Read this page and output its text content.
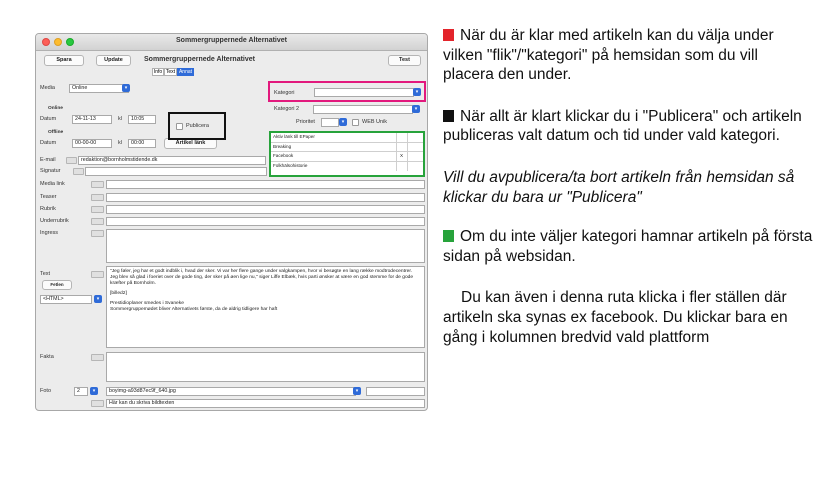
Sommergruppernede Alternativet
Spara	Update	Sommergruppernede Alternativet	Test
Info Text Annat
Media	Online	▾
Online
Datum	24-11-13	kl	10:05
Offline
Datum	00-00-00	kl	00:00	Artikel länk
Publicera
Kategori	▾
Kategori 2	▾
Prioritet	▾	WEB Unik
Aktiv länk till EPaper
Breaking
Facebook	X
Folkhälsohistorie
E-mail	redaktion@bornholmstidende.dk
Signatur
Media link
Teaser
Rubrik
Underrubrik
Ingress
Text
Fetlen
<HTML>	▾

"Jeg føler, jeg har et godt indblik i, hvad der sker. Vi var her flere gange under valgkampen, hvor vi besøgte en lang række modtrodecentrer. Jeg blev så glad i foeriet over de gode ting, der sker på øen lige nu," siger Liffe Elbæk, hvis parti ønsker at være en god stemme for de gode kræfter på Bornholm.

[billed2]

Prestidioplaner smedes i Svaneke

Sommergruppemødet bliver Alternativets første, da de aldrig tidligere har haft

Fakta
Foto	2	▾	boyimg-a93d87ec9f_640.jpg	▾
Här kan du skriva bildtexten
När du är klar med artikeln kan du välja under vilken "flik"/"kategori" på hemsidan som du vill placera den under.
När allt är klart klickar du i "Publicera" och artikeln publiceras valt datum och tid under vald kategori.
Vill du avpublicera/ta bort artikeln från hemsidan så klickar du bara ur "Publicera"
Om du inte väljer kategori hamnar artikeln på första sidan på websidan.
Du kan även i denna ruta klicka i fler ställen där artikeln ska synas ex facebook. Du klickar bara en gång i kolumnen bredvid vald plattform
